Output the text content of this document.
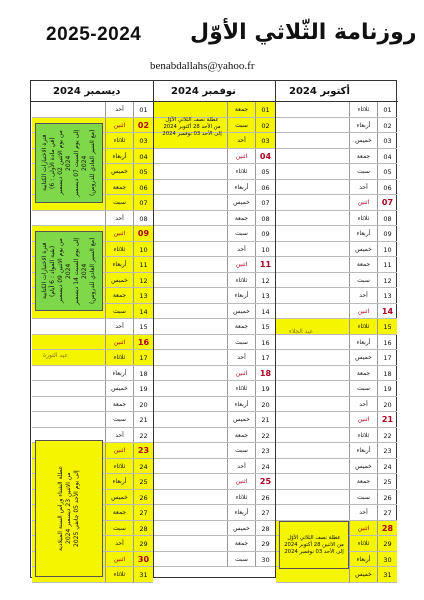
2025-2024 روزنامة الثّلاثي الأوّل
benabdallahs@yahoo.fr
أكتوبر 2024
نوفمبر 2024
ديسمبر 2024
01
ثلاثاء
02
أربعاء
03
خميس
04
جمعة
05
سبت
06
أحد
07
اثنين
08
ثلاثاء
09
أربعاء
10
خميس
11
جمعة
12
سبت
13
أحد
14
اثنين
15
ثلاثاء
16
أربعاء
17
خميس
18
جمعة
19
سبت
20
أحد
21
اثنين
22
ثلاثاء
23
أربعاء
24
خميس
25
جمعة
26
سبت
27
أحد
28
اثنين
29
ثلاثاء
30
أربعاء
31
خميس
01
جمعة
02
سبت
03
أحد
04
اثنين
05
ثلاثاء
06
أربعاء
07
خميس
08
جمعة
09
سبت
10
أحد
11
اثنين
12
ثلاثاء
13
أربعاء
14
خميس
15
جمعة
16
سبت
17
أحد
18
اثنين
19
ثلاثاء
20
أربعاء
21
خميس
22
جمعة
23
سبت
24
أحد
25
اثنين
26
ثلاثاء
27
أربعاء
28
خميس
29
جمعة
30
سبت
01
أحد
02
اثنين
03
ثلاثاء
04
أربعاء
05
خميس
06
جمعة
07
سبت
08
أحد
09
اثنين
10
ثلاثاء
11
أربعاء
12
خميس
13
جمعة
14
سبت
15
أحد
16
اثنين
17
ثلاثاء
18
أربعاء
19
خميس
20
جمعة
21
سبت
22
أحد
23
اثنين
24
ثلاثاء
25
أربعاء
26
خميس
27
جمعة
28
سبت
29
أحد
30
اثنين
31
ثلاثاء
فترة الاختبارات الكتابية
(في مادة الأولى : 6)
من يوم الاثنين 02 ديسمبر 2024
إلى يوم السبت 07 ديسمبر 2024
(مع السير العادي للدروس)
فترة الاختبارات الكتابية
(بقية المواد : 6 أيام)
من يوم الاثنين 09 ديسمبر 2024
إلى يوم السبت 14 ديسمبر 2024
(مع السير العادي للدروس)
عطلة الشتاء وراس السنة الميلادية
من الاثنين 23 ديسمبر 2024
إلى يوم الأحد 05 جانفي 2025
عطلة نصف الثلاثي الأوّل
من الأحد 28 أكتوبر 2024
إلى الأحد 03 نوفمبر 2024
عطلة نصف الثلاثي الأوّل
من الاثنين 28 أكتوبر 2024
إلى الأحد 03 نوفمبر 2024
عيد الجلاء
عيد الثورة
